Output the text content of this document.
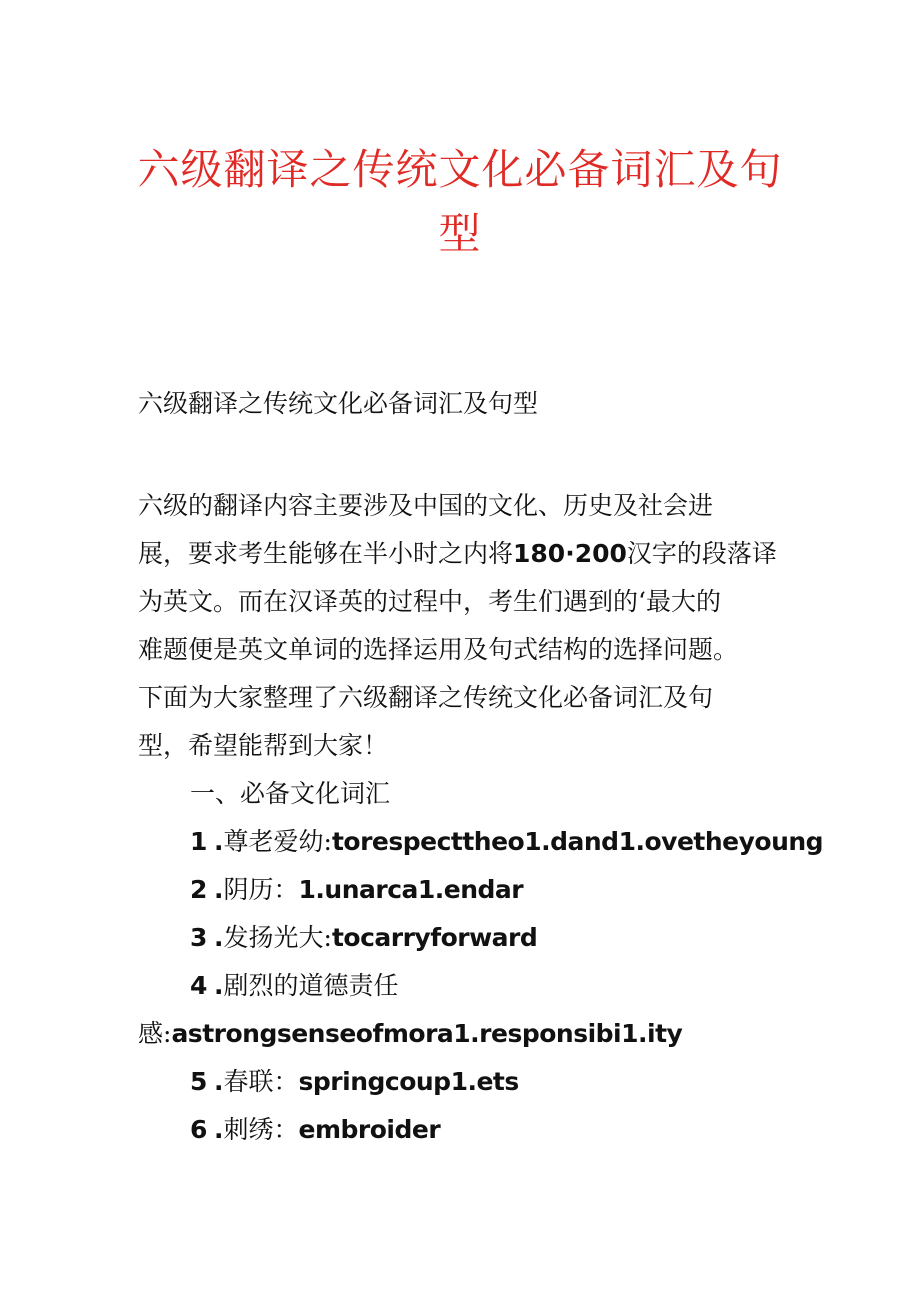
六级翻译之传统文化必备词汇及句
型

六级翻译之传统文化必备词汇及句型

六级的翻译内容主要涉及中国的文化、历史及社会进
展，要求考生能够在半小时之内将180·200汉字的段落译
为英文。而在汉译英的过程中，考生们遇到的‘最大的
难题便是英文单词的选择运用及句式结构的选择问题。
下面为大家整理了六级翻译之传统文化必备词汇及句
型，希望能帮到大家！

一、必备文化词汇

1 .尊老爱幼:torespecttheo1.dand1.ovetheyoung
2 .阴历：1.unarca1.endar
3 .发扬光大:tocarryforward
4 .剧烈的道德责任
感:astrongsenseofmora1.responsibi1.ity
5 .春联：springcoup1.ets
6 .刺绣：embroider
